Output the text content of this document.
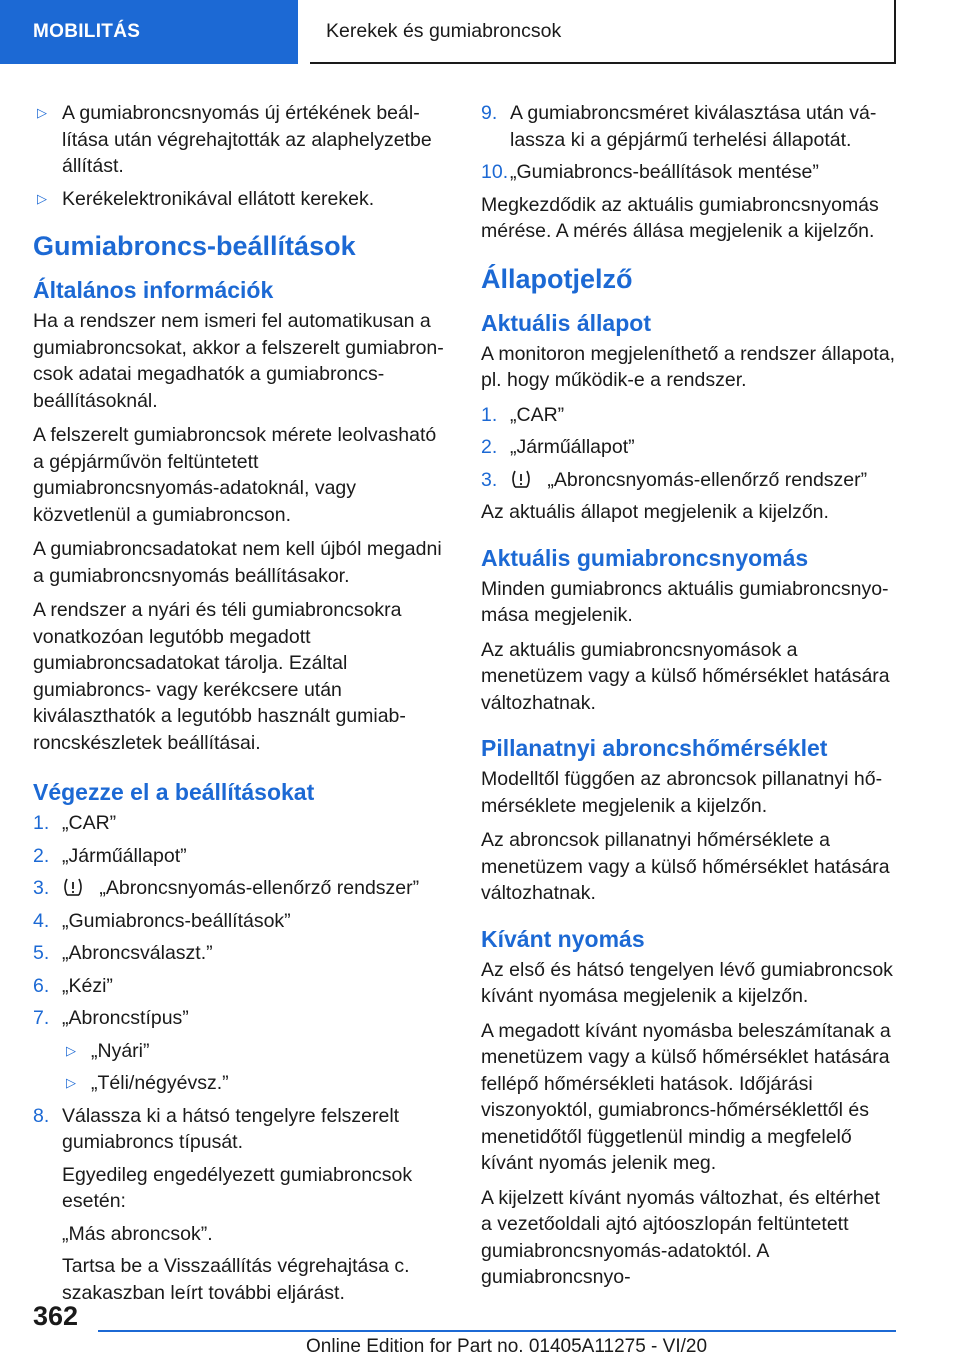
MOBILITÁS	Kerekek és gumiabroncsok
▷ A gumiabroncsnyomás új értékének beállítása után végrehajtották az alaphelyzetbe állítást.
▷ Kerékelektronikával ellátott kerekek.
Gumiabroncs-beállítások
Általános információk

Ha a rendszer nem ismeri fel automatikusan a gumiabroncsokat, akkor a felszerelt gumiabroncsok adatai megadhatók a gumiabroncs-beállításoknál.

A felszerelt gumiabroncsok mérete leolvasható a gépjárművön feltüntetett gumiabroncsnyomás-adatoknál, vagy közvetlenül a gumiabroncson.

A gumiabroncsadatokat nem kell újból megadni a gumiabroncsnyomás beállításakor.

A rendszer a nyári és téli gumiabroncsokra vonatkozóan legutóbb megadott gumiabroncsadatokat tárolja. Ezáltal gumiabroncs- vagy kerékcsere után kiválaszthatók a legutóbb használt gumiabroncskészletek beállításai.

Végezze el a beállításokat
1. „CAR”
2. „Járműállapot”
3.	„Abroncsnyomás-ellenőrző rendszer”
4. „Gumiabroncs-beállítások”
5. „Abroncsválaszt.”
6. „Kézi”
7. „Abroncstípus”
▷ „Nyári”
▷ „Téli/négyévsz.”
8. Válassza ki a hátsó tengelyre felszerelt gumiabroncs típusát.

Egyedileg engedélyezett gumiabroncsok esetén:

„Más abroncsok”.

Tartsa be a Visszaállítás végrehajtása c. szakaszban leírt további eljárást.

9. A gumiabroncsméret kiválasztása után válassza ki a gépjármű terhelési állapotát.
10. „Gumiabroncs-beállítások mentése”

Megkezdődik az aktuális gumiabroncsnyomás mérése. A mérés állása megjelenik a kijelzőn.

Állapotjelző
Aktuális állapot

A monitoron megjeleníthető a rendszer állapota, pl. hogy működik-e a rendszer.

1. „CAR”
2. „Járműállapot”
3.	„Abroncsnyomás-ellenőrző rendszer”

Az aktuális állapot megjelenik a kijelzőn.

Aktuális gumiabroncsnyomás

Minden gumiabroncs aktuális gumiabroncsnyomása megjelenik.

Az aktuális gumiabroncsnyomások a menetüzem vagy a külső hőmérséklet hatására változhatnak.

Pillanatnyi abroncshőmérséklet

Modelltől függően az abroncsok pillanatnyi hőmérséklete megjelenik a kijelzőn.

Az abroncsok pillanatnyi hőmérséklete a menetüzem vagy a külső hőmérséklet hatására változhatnak.

Kívánt nyomás

Az első és hátsó tengelyen lévő gumiabroncsok kívánt nyomása megjelenik a kijelzőn.

A megadott kívánt nyomásba beleszámítanak a menetüzem vagy a külső hőmérséklet hatására fellépő hőmérsékleti hatások. Időjárási viszonyoktól, gumiabroncs-hőmérséklettől és menetidőtől függetlenül mindig a megfelelő kívánt nyomás jelenik meg.

A kijelzett kívánt nyomás változhat, és eltérhet a vezetőoldali ajtó ajtóoszlopán feltüntetett gumiabroncsnyomás-adatoktól. A gumiabroncsnyo-

362
Online Edition for Part no. 01405A11275 - VI/20
